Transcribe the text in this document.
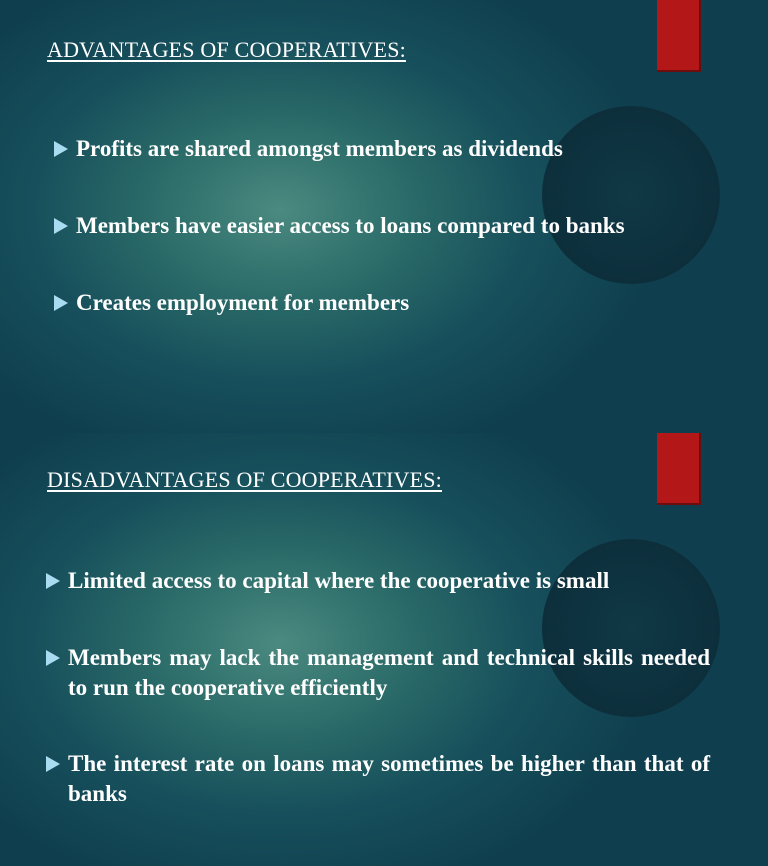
ADVANTAGES OF COOPERATIVES:
Profits are shared amongst members as dividends
Members have easier access to loans compared to banks
Creates employment for members
DISADVANTAGES OF COOPERATIVES:
Limited access to capital where the cooperative is small
Members may lack the management and technical skills needed to run the cooperative efficiently
The interest rate on loans may sometimes be higher than that of banks
